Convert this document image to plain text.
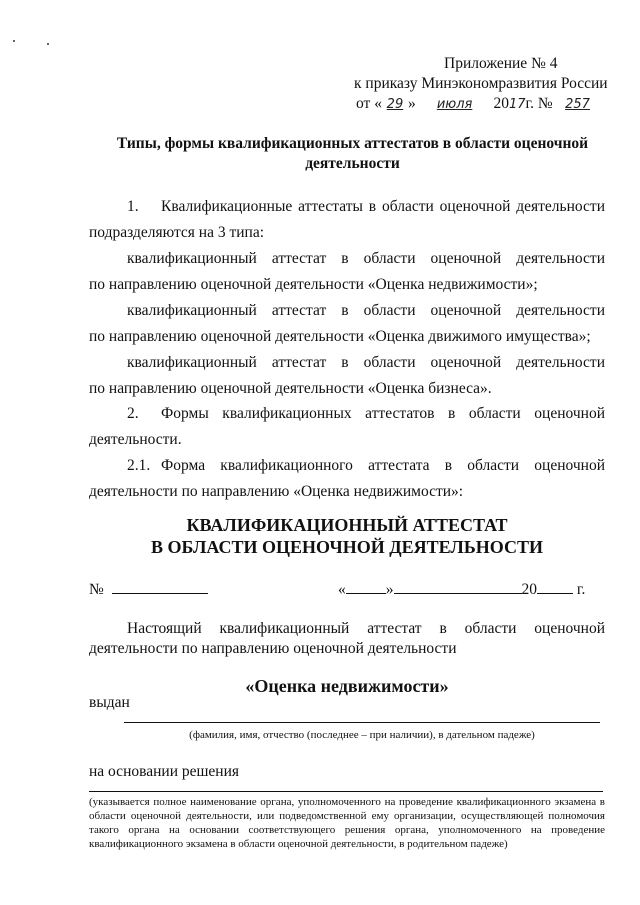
Приложение № 4
к приказу Минэкономразвития России
от « 29 » июля 2017г. № 257
Типы, формы квалификационных аттестатов в области оценочной деятельности
1. Квалификационные аттестаты в области оценочной деятельности
подразделяются на 3 типа:
квалификационный аттестат в области оценочной деятельности
по направлению оценочной деятельности «Оценка недвижимости»;
квалификационный аттестат в области оценочной деятельности
по направлению оценочной деятельности «Оценка движимого имущества»;
квалификационный аттестат в области оценочной деятельности
по направлению оценочной деятельности «Оценка бизнеса».
2. Формы квалификационных аттестатов в области оценочной
деятельности.
2.1. Форма квалификационного аттестата в области оценочной
деятельности по направлению «Оценка недвижимости»:
КВАЛИФИКАЦИОННЫЙ АТТЕСТАТ
В ОБЛАСТИ ОЦЕНОЧНОЙ ДЕЯТЕЛЬНОСТИ
№	«	»	20	г.
Настоящий квалификационный аттестат в области оценочной
деятельности по направлению оценочной деятельности
«Оценка недвижимости»
выдан
(фамилия, имя, отчество (последнее – при наличии), в дательном падеже)
на основании решения
(указывается полное наименование органа, уполномоченного на проведение квалификационного экзамена в области оценочной деятельности, или подведомственной ему организации, осуществляющей полномочия такого органа на основании соответствующего решения органа, уполномоченного на проведение квалификационного экзамена в области оценочной деятельности, в родительном падеже)
